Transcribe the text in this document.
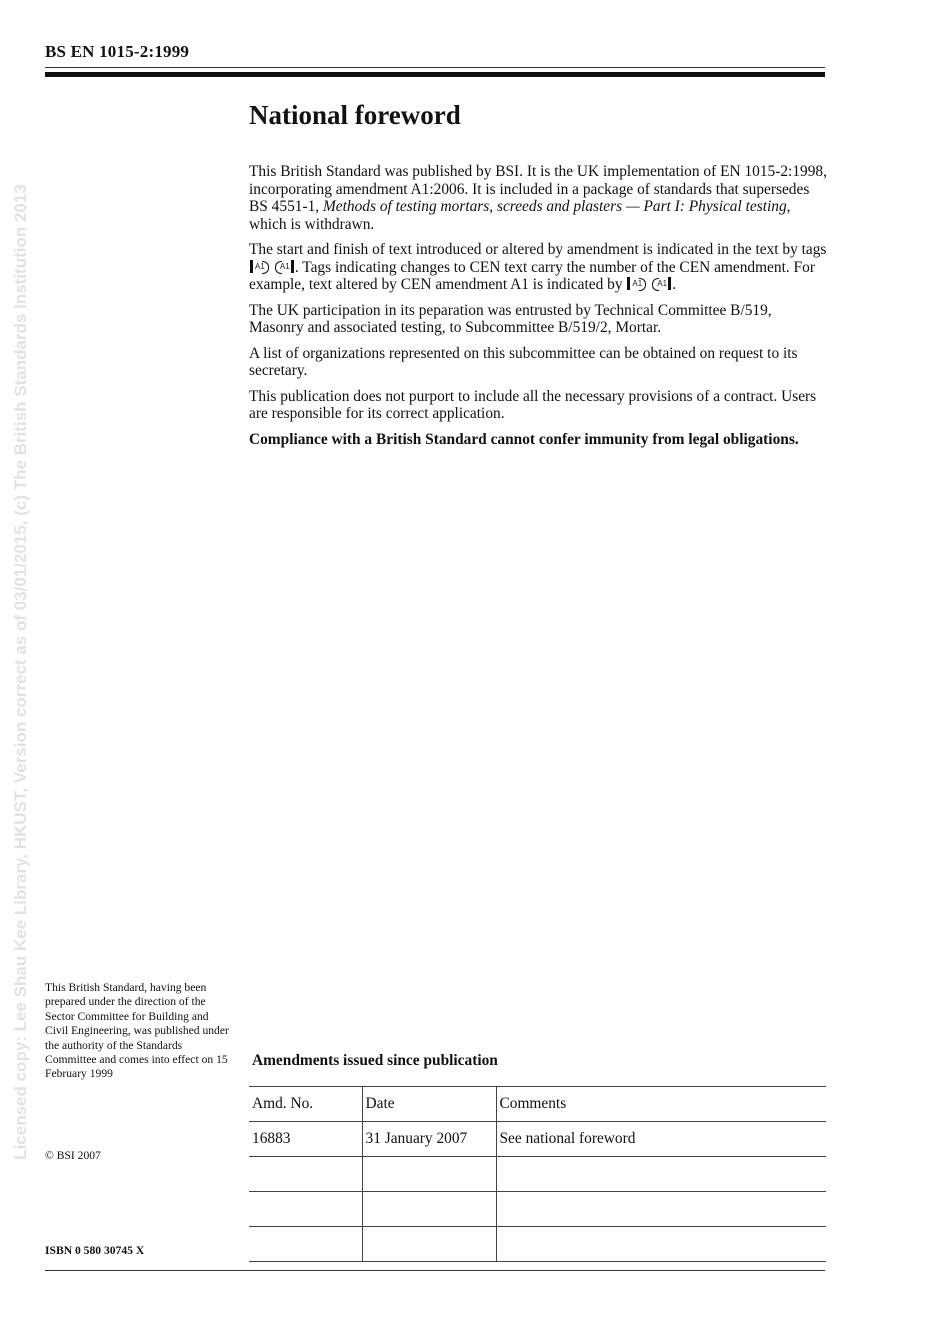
BS EN 1015-2:1999
Licensed copy: Lee Shau Kee Library, HKUST, Version correct as of 03/01/2015, (c) The British Standards Institution 2013
National foreword

This British Standard was published by BSI. It is the UK implementation of EN 1015-2:1998, incorporating amendment A1:2006. It is included in a package of standards that supersedes BS 4551-1, Methods of testing mortars, screeds and plasters — Part I: Physical testing, which is withdrawn.

The start and finish of text introduced or altered by amendment is indicated in the text by tags
A1
A1 . Tags indicating changes to CEN text carry the number of the CEN amendment. For example, text altered by CEN amendment A1 is indicated by A1
A1 .

The UK participation in its peparation was entrusted by Technical Committee B/519, Masonry and associated testing, to Subcommittee B/519/2, Mortar.

A list of organizations represented on this subcommittee can be obtained on request to its secretary.

This publication does not purport to include all the necessary provisions of a contract. Users are responsible for its correct application.

Compliance with a British Standard cannot confer immunity from legal obligations.

This British Standard, having been prepared under the direction of the Sector Committee for Building and Civil Engineering, was published under the authority of the Standards Committee and comes into effect on 15 February 1999

© BSI 2007

ISBN 0 580 30745 X

Amendments issued since publication
Amd. No.	Date	Comments
16883	31 January 2007	See national foreword
